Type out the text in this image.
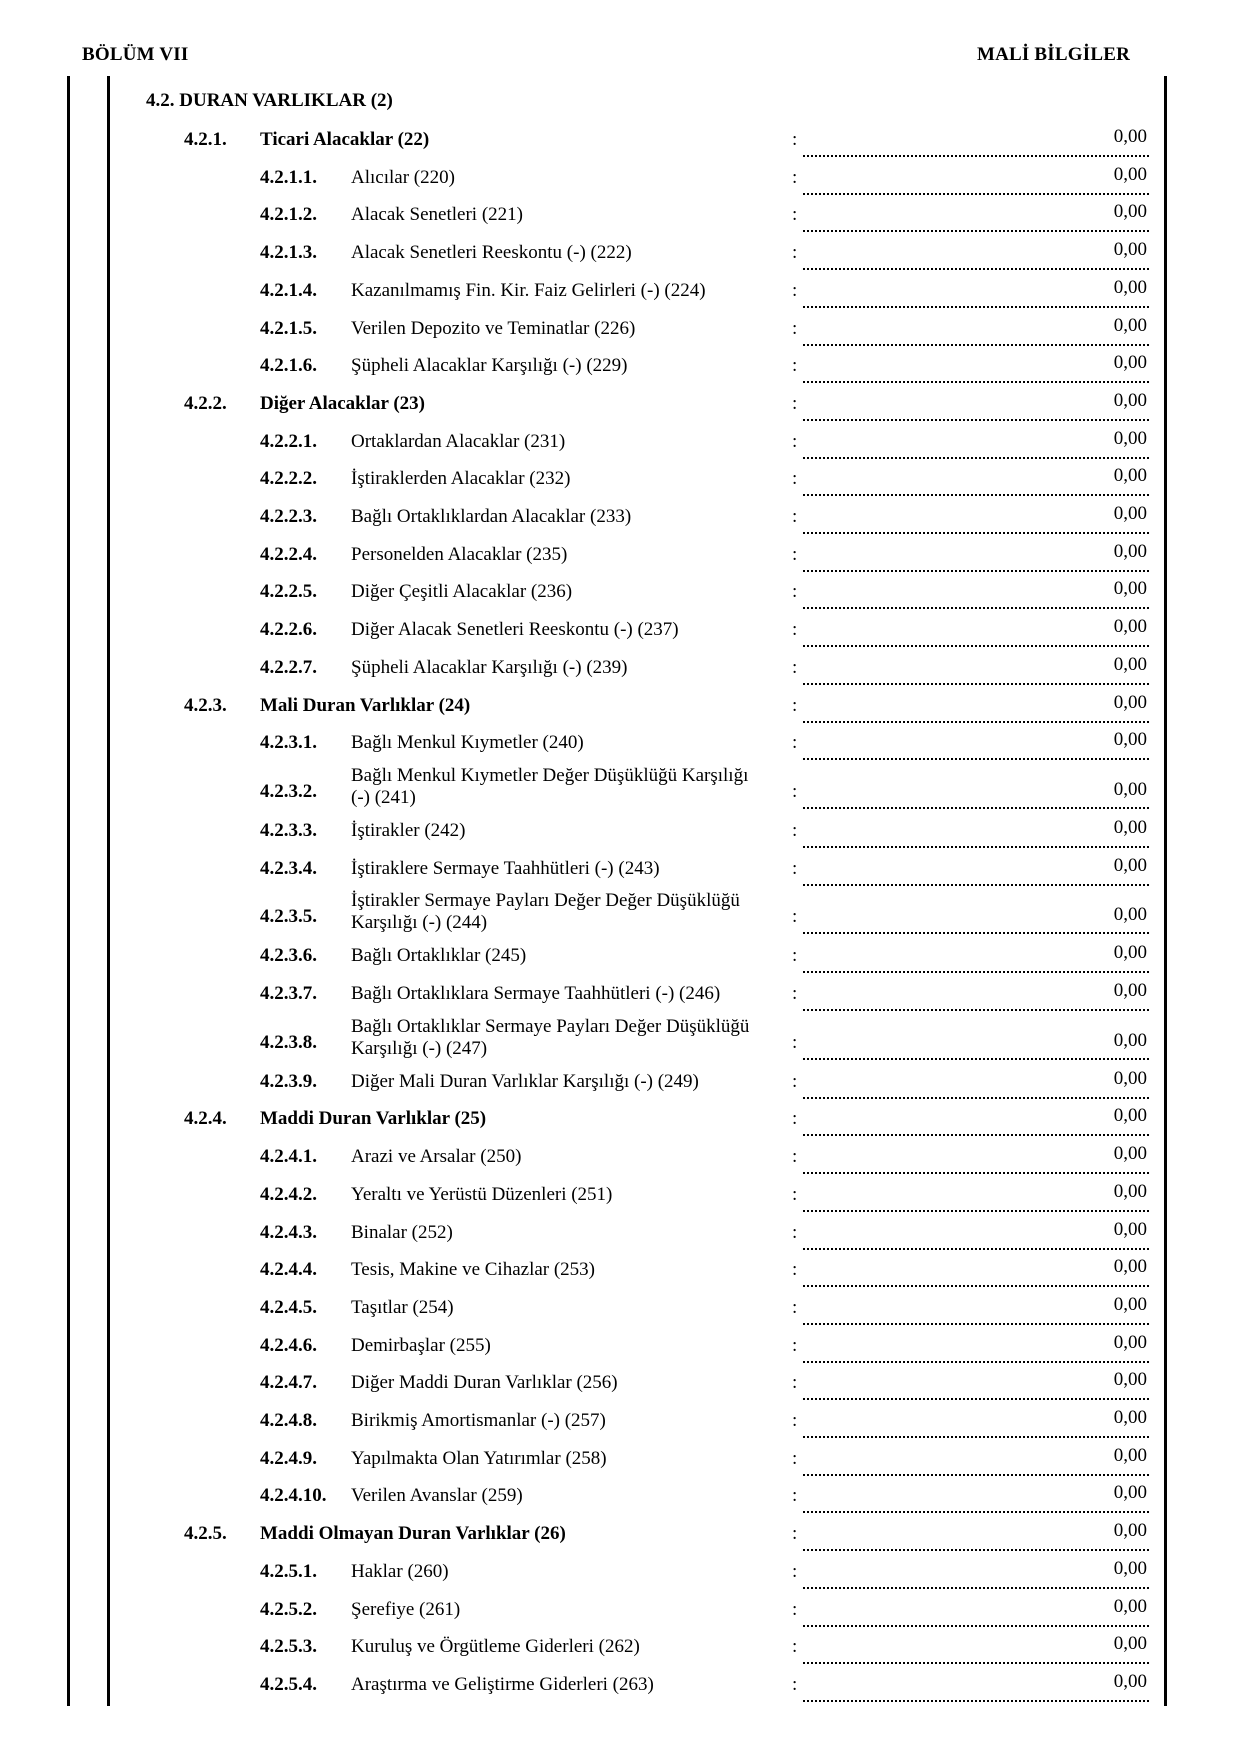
BÖLÜM VII	MALİ BİLGİLER
4.2. DURAN VARLIKLAR (2)
4.2.1. Ticari Alacaklar (22)	:	0,00
4.2.1.1. Alıcılar (220)	:	0,00
4.2.1.2. Alacak Senetleri (221)	:	0,00
4.2.1.3. Alacak Senetleri Reeskontu (-) (222)	:	0,00
4.2.1.4. Kazanılmamış Fin. Kir. Faiz Gelirleri (-) (224)	:	0,00
4.2.1.5. Verilen Depozito ve Teminatlar (226)	:	0,00
4.2.1.6. Şüpheli Alacaklar Karşılığı (-) (229)	:	0,00
4.2.2. Diğer Alacaklar (23)	:	0,00
4.2.2.1. Ortaklardan Alacaklar (231)	:	0,00
4.2.2.2. İştiraklerden Alacaklar (232)	:	0,00
4.2.2.3. Bağlı Ortaklıklardan Alacaklar (233)	:	0,00
4.2.2.4. Personelden Alacaklar (235)	:	0,00
4.2.2.5. Diğer Çeşitli Alacaklar (236)	:	0,00
4.2.2.6. Diğer Alacak Senetleri Reeskontu (-) (237)	:	0,00
4.2.2.7. Şüpheli Alacaklar Karşılığı (-) (239)	:	0,00
4.2.3. Mali Duran Varlıklar (24)	:	0,00
4.2.3.1. Bağlı Menkul Kıymetler (240)	:	0,00
4.2.3.2.
Bağlı Menkul Kıymetler Değer Düşüklüğü Karşılığı (-) (241)	:	0,00
4.2.3.3. İştirakler (242)	:	0,00
4.2.3.4. İştiraklere Sermaye Taahhütleri (-) (243)	:	0,00
4.2.3.5.
İştirakler Sermaye Payları Değer Değer Düşüklüğü Karşılığı (-) (244)	:	0,00
4.2.3.6. Bağlı Ortaklıklar (245)	:	0,00
4.2.3.7. Bağlı Ortaklıklara Sermaye Taahhütleri (-) (246)	:	0,00
4.2.3.8.
Bağlı Ortaklıklar Sermaye Payları Değer Düşüklüğü Karşılığı (-) (247)	:	0,00
4.2.3.9. Diğer Mali Duran Varlıklar Karşılığı (-) (249)	:	0,00
4.2.4. Maddi Duran Varlıklar (25)	:	0,00
4.2.4.1. Arazi ve Arsalar (250)	:	0,00
4.2.4.2. Yeraltı ve Yerüstü Düzenleri (251)	:	0,00
4.2.4.3. Binalar (252)	:	0,00
4.2.4.4. Tesis, Makine ve Cihazlar (253)	:	0,00
4.2.4.5. Taşıtlar (254)	:	0,00
4.2.4.6. Demirbaşlar (255)	:	0,00
4.2.4.7. Diğer Maddi Duran Varlıklar (256)	:	0,00
4.2.4.8. Birikmiş Amortismanlar (-) (257)	:	0,00
4.2.4.9. Yapılmakta Olan Yatırımlar (258)	:	0,00
4.2.4.10. Verilen Avanslar (259)	:	0,00
4.2.5. Maddi Olmayan Duran Varlıklar (26)	:	0,00
4.2.5.1. Haklar (260)	:	0,00
4.2.5.2. Şerefiye (261)	:	0,00
4.2.5.3. Kuruluş ve Örgütleme Giderleri (262)	:	0,00
4.2.5.4. Araştırma ve Geliştirme Giderleri (263)	:	0,00
